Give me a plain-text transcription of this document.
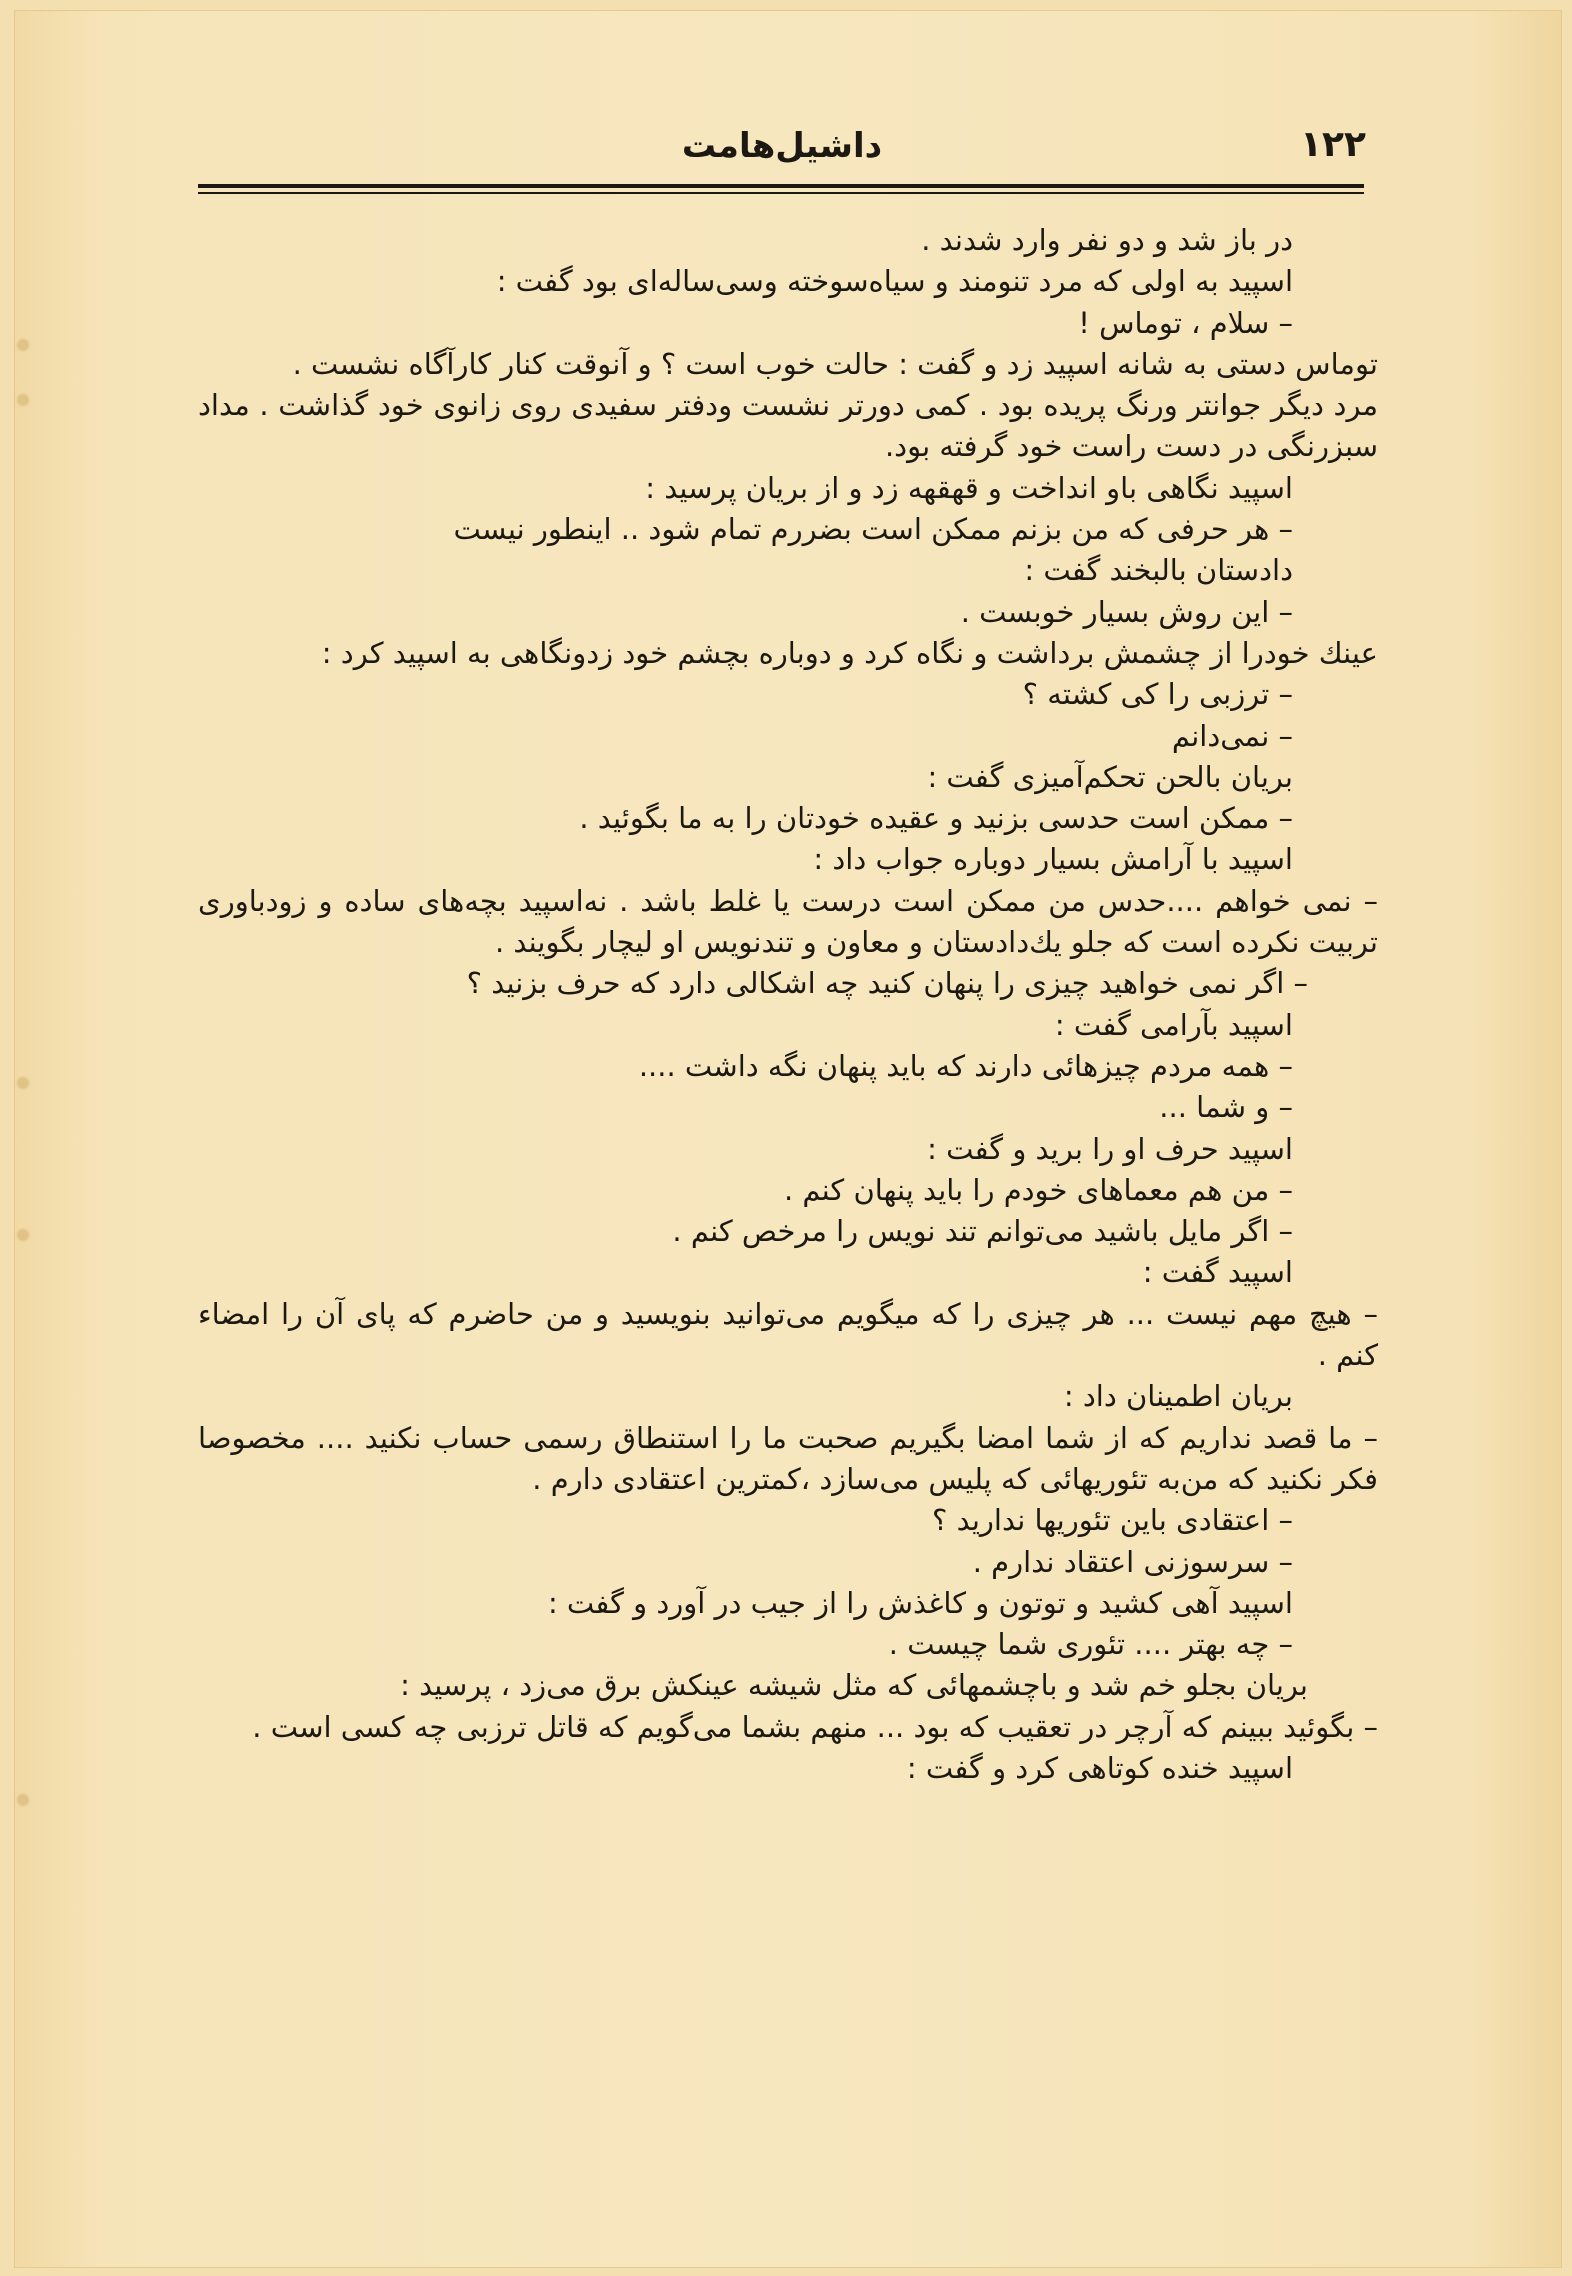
۱۲۲
داشیل‌هامت

در باز شد و دو نفر وارد شدند .

اسپید به اولی که مرد تنومند و سیاه‌سوخته وسی‌ساله‌ای بود گفت :

– سلام ، توماس !

توماس دستی به شانه اسپید زد و گفت : حالت خوب است ؟ و آنوقت کنار کارآگاه نشست .

مرد دیگر جوانتر ورنگ پریده بود . کمی دورتر نشست ودفتر سفیدی روی زانوی خود گذاشت . مداد سبزرنگی در دست راست خود گرفته بود.

اسپید نگاهی باو انداخت و قهقهه زد و از بریان پرسید :

– هر حرفی که من بزنم ممکن است بضررم تمام شود .. اینطور نیست

دادستان بالبخند گفت :

– این روش بسیار خوبست .

عینك خودرا از چشمش برداشت و نگاه کرد و دوباره بچشم خود زدونگاهی به اسپید کرد :

– ترزبی را کی کشته ؟

– نمی‌دانم

بریان بالحن تحکم‌آمیزی گفت :

– ممکن است حدسی بزنید و عقیده خودتان را به ما بگوئید .

اسپید با آرامش بسیار دوباره جواب داد :

– نمی خواهم ....حدس من ممکن است درست یا غلط باشد . نه‌اسپید بچه‌های ساده و زودباوری تربیت نکرده است که جلو یك‌دادستان و معاون و تندنویس او لیچار بگویند .

– اگر نمی خواهید چیزی را پنهان کنید چه اشکالی دارد که حرف بزنید ؟

اسپید بآرامی گفت :

– همه مردم چیزهائی دارند که باید پنهان نگه داشت ....

– و شما ...

اسپید حرف او را برید و گفت :

– من هم معماهای خودم را باید پنهان کنم .

– اگر مایل باشید می‌توانم تند نویس را مرخص کنم .

اسپید گفت :

– هیچ مهم نیست ... هر چیزی را که میگویم می‌توانید بنویسید و من حاضرم که پای آن را امضاء کنم .

بریان اطمینان داد :

– ما قصد نداریم که از شما امضا بگیریم صحبت ما را استنطاق رسمی حساب نکنید .... مخصوصا فکر نکنید که من‌به تئوریهائی که پلیس می‌سازد ،کمترین اعتقادی دارم .

– اعتقادی باین تئوریها ندارید ؟

– سرسوزنی اعتقاد ندارم .

اسپید آهی کشید و توتون و کاغذش را از جیب در آورد و گفت :

– چه بهتر .... تئوری شما چیست .

بریان بجلو خم شد و باچشمهائی که مثل شیشه عینکش برق می‌زد ، پرسید :

– بگوئید ببینم که آرچر در تعقیب که بود ... منهم بشما می‌گویم که قاتل ترزبی چه کسی است .

اسپید خنده کوتاهی کرد و گفت :
